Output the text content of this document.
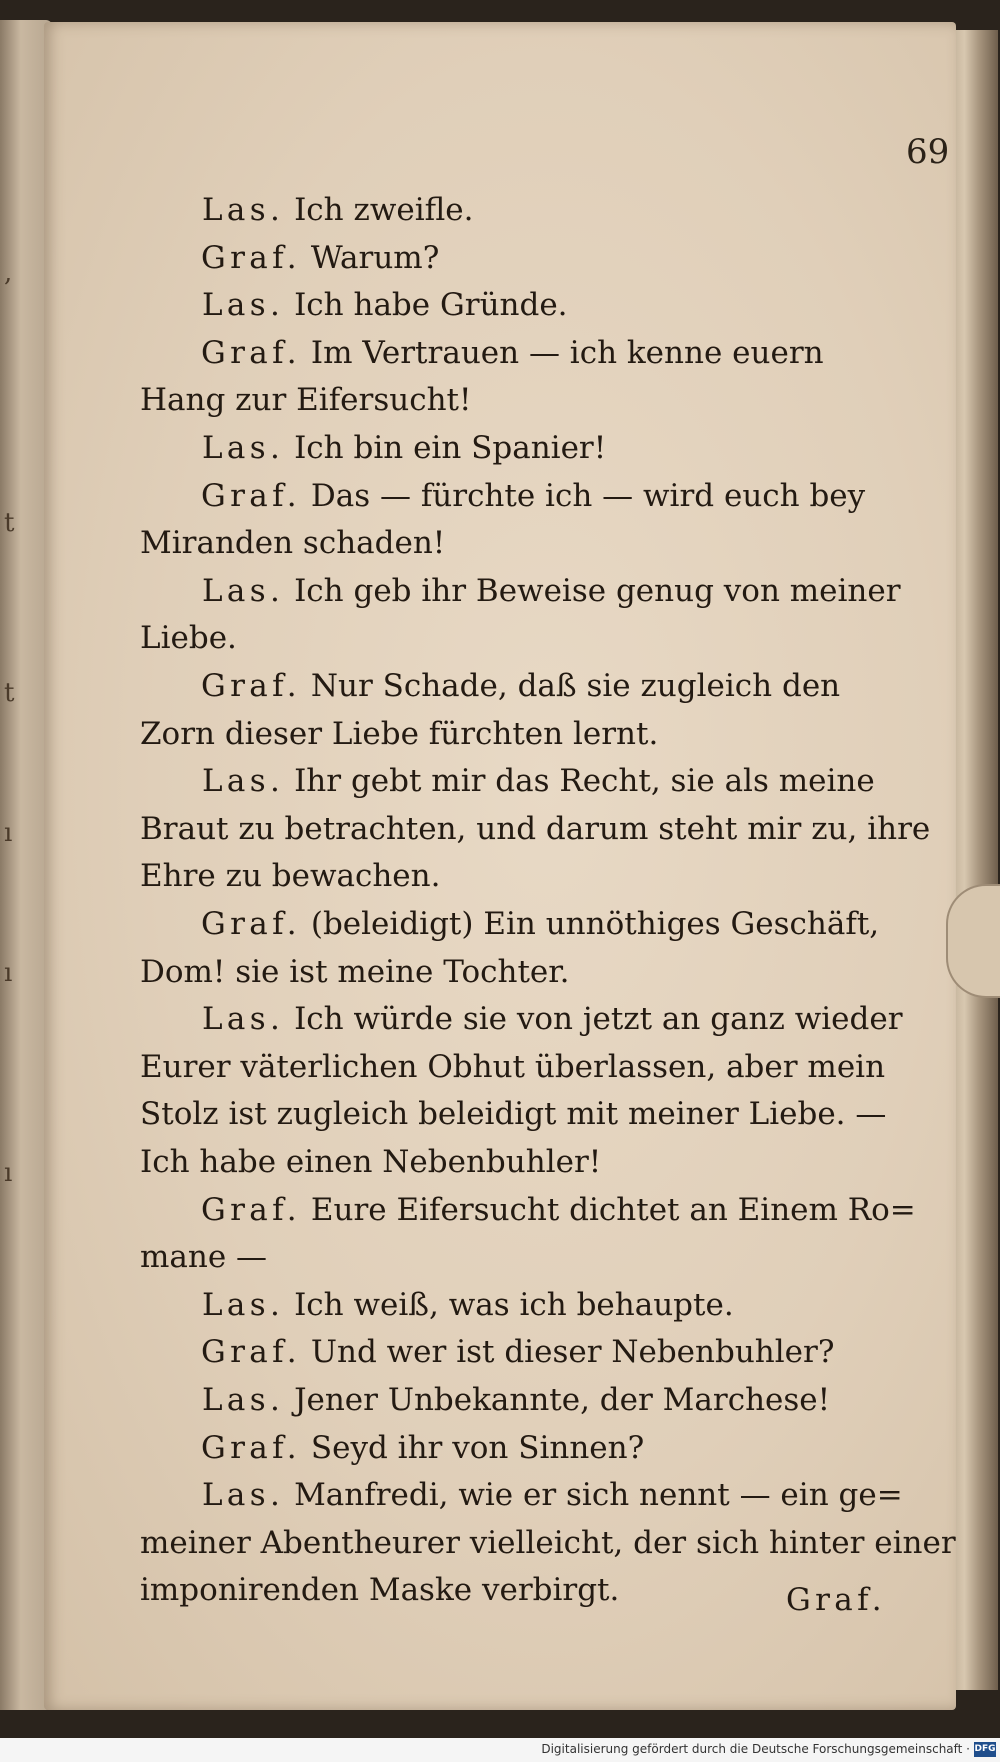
,
t
t
ı
ı
ı
69
Las. Ich zweifle.
Graf. Warum?
Las. Ich habe Gründe.
Graf. Im Vertrauen — ich kenne euern
Hang zur Eifersucht!
Las. Ich bin ein Spanier!
Graf. Das — fürchte ich — wird euch bey
Miranden schaden!
Las. Ich geb ihr Beweise genug von meiner
Liebe.
Graf. Nur Schade, daß sie zugleich den
Zorn dieser Liebe fürchten lernt.
Las. Ihr gebt mir das Recht, sie als meine
Braut zu betrachten, und darum steht mir zu, ihre
Ehre zu bewachen.
Graf. (beleidigt) Ein unnöthiges Geschäft,
Dom! sie ist meine Tochter.
Las. Ich würde sie von jetzt an ganz wieder
Eurer väterlichen Obhut überlassen, aber mein
Stolz ist zugleich beleidigt mit meiner Liebe. —
Ich habe einen Nebenbuhler!
Graf. Eure Eifersucht dichtet an Einem Ro=
mane —
Las. Ich weiß, was ich behaupte.
Graf. Und wer ist dieser Nebenbuhler?
Las. Jener Unbekannte, der Marchese!
Graf. Seyd ihr von Sinnen?
Las. Manfredi, wie er sich nennt — ein ge=
meiner Abentheurer vielleicht, der sich hinter einer
imponirenden Maske verbirgt.	Graf.
Digitalisierung gefördert durch die Deutsche Forschungsgemeinschaft · DFG
